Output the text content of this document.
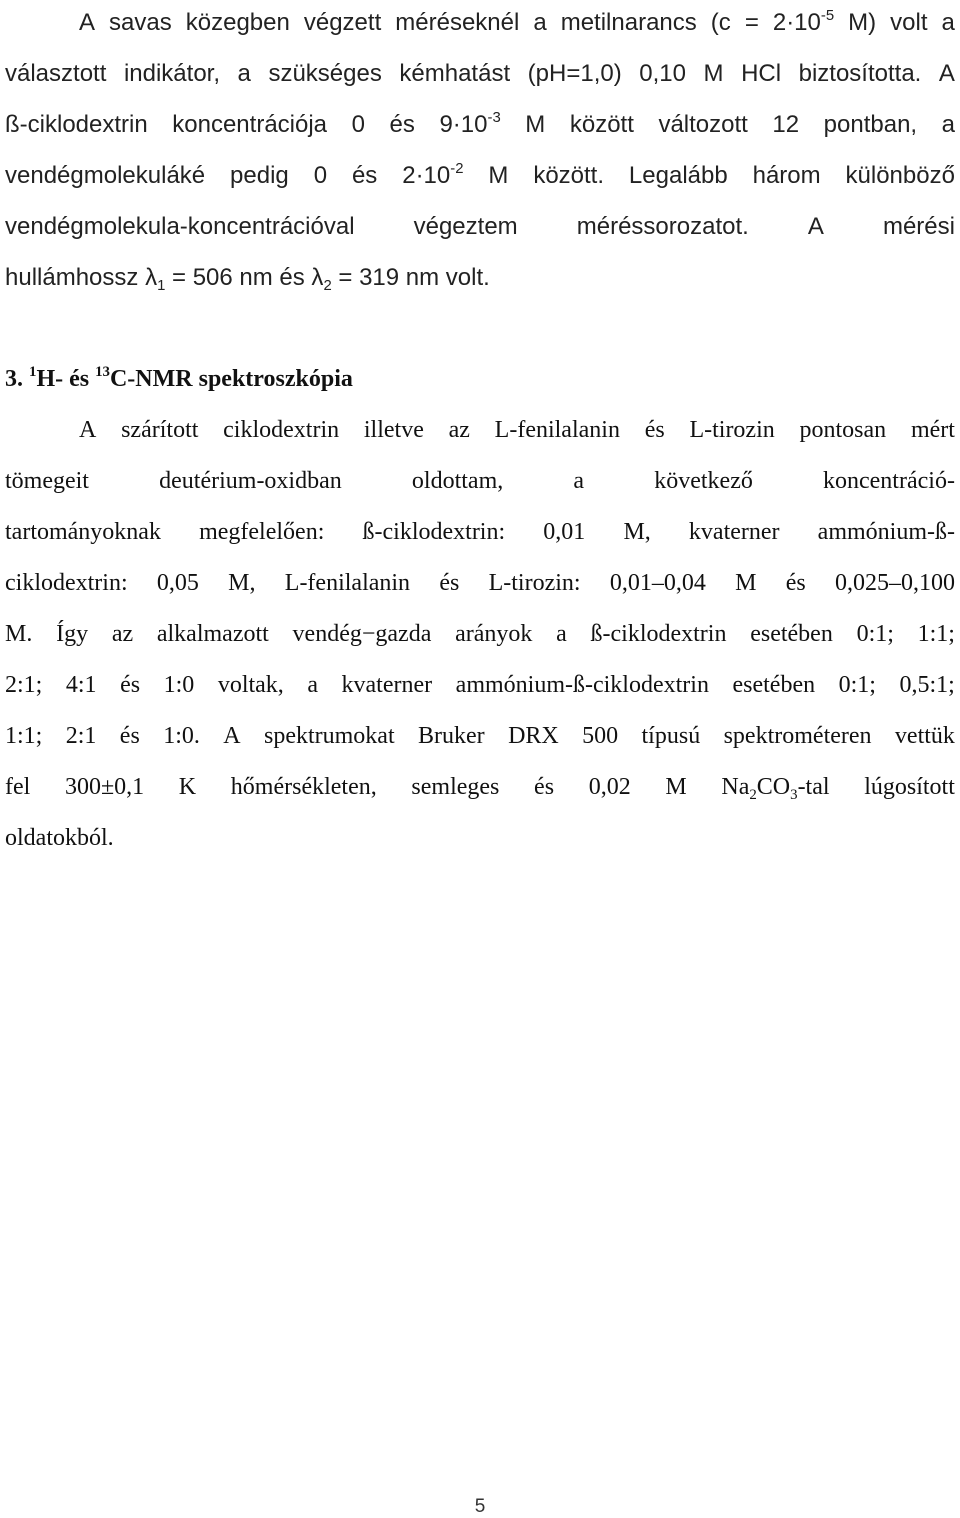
A savas közegben végzett méréseknél a metilnarancs ($c = 2\cdot 10^{-5}$ M) volt a
választott indikátor, a szükséges kémhatást (pH=1,0) 0,10 M HCl biztosította. A
ß-ciklodextrin koncentrációja 0 és $9\cdot 10^{-3}$ M között változott 12 pontban, a
vendégmolekuláké pedig 0 és $2\cdot 10^{-2}$ M között. Legalább három különböző
vendégmolekula-koncentrációval végeztem méréssorozatot. A mérési
hullámhossz $\lambda_1 = 506$ nm és $\lambda_2 = 319$ nm volt.
3. $^1$H- és $^{13}$C-NMR spektroszkópia
A szárított ciklodextrin illetve az L-fenilalanin és L-tirozin pontosan mért
tömegeit	deutérium-oxidban	oldottam,	a	következő	koncentráció-
tartományoknak megfelelően: ß-ciklodextrin: 0,01 M, kvaterner ammónium-ß-
ciklodextrin: 0,05 M, L-fenilalanin és L-tirozin: 0,01–0,04 M és 0,025–0,100
M. Így az alkalmazott vendég−gazda arányok a ß-ciklodextrin esetében 0:1; 1:1;
2:1; 4:1 és 1:0 voltak, a kvaterner ammónium-ß-ciklodextrin esetében 0:1; 0,5:1;
1:1; 2:1 és 1:0. A spektrumokat Bruker DRX 500 típusú spektrométeren vettük
fel 300±0,1 K hőmérsékleten, semleges és 0,02 M $Na_2CO_3$-tal lúgosított
oldatokból.
5
